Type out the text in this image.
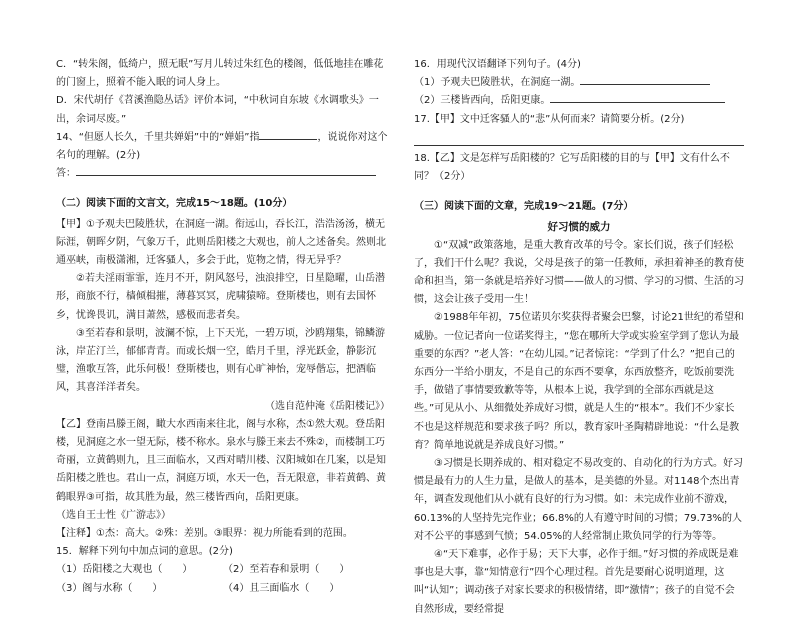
C．“转朱阁，低绮户，照无眠”写月儿转过朱红色的楼阁，低低地挂在雕花的门窗上，照着不能入眠的词人身上。

D．宋代胡仔《苕溪渔隐丛话》评价本词，“中秋词自东坡《水调歌头》一出，余词尽废。”

14、“但愿人长久，千里共婵娟”中的“婵娟”指	，说说你对这个名句的理解。(2分)

答：

（二）阅读下面的文言文，完成15～18题。(10分）

【甲】①予观夫巴陵胜状，在洞庭一湖。衔远山，吞长江，浩浩汤汤，横无际涯，朝晖夕阴，气象万千，此则岳阳楼之大观也，前人之述备矣。然则北通巫峡，南极潇湘，迁客骚人，多会于此，览物之情，得无异乎？

②若夫淫雨霏霏，连月不开，阴风怒号，浊浪排空，日星隐曜，山岳潜形，商旅不行，樯倾楫摧，薄暮冥冥，虎啸猿啼。登斯楼也，则有去国怀乡，忧谗畏讥，满目萧然，感极而悲者矣。

③至若春和景明，波澜不惊，上下天光，一碧万顷，沙鸥翔集，锦鳞游泳，岸芷汀兰，郁郁青青。而或长烟一空，皓月千里，浮光跃金，静影沉璧，渔歌互答，此乐何极！登斯楼也，则有心旷神怡，宠辱偕忘，把酒临风，其喜洋洋者矣。

（选自范仲淹《岳阳楼记》）

【乙】登南昌滕王阁，瞰大水西南来往北，阁与水称，杰①然大观。登岳阳楼，见洞庭之水一望无际，楼不称水。泉水与滕王来去不殊②，而楼制工巧奇丽，立黄鹤则九，且三面临水，又西对晴川楼、汉阳城如在几案，以是知岳阳楼之胜也。君山一点，洞庭万顷，水天一色，吾无限意，非若黄鹤、黄鹤眼界③可指，故其胜为最，然三楼皆西向，岳阳更康。

（选自王士性《广游志》）

【注释】①杰：高大。②殊：差别。③眼界：视力所能看到的范围。

15．解释下列句中加点词的意思。(2分)

（1）岳阳楼之大观也（　　）	（2）至若春和景明（　　）
（3）阁与水称（　　）	（4）且三面临水（　　）

16．用现代汉语翻译下列句子。(4分)

（1）予观夫巴陵胜状，在洞庭一湖。

（2）三楼皆西向，岳阳更康。

17.【甲】文中迁客骚人的“悲”从何而来？请简要分析。(2分)

18.【乙】文是怎样写岳阳楼的？它写岳阳楼的目的与【甲】文有什么不同？（2分）

（三）阅读下面的文章，完成19～21题。(7分）

好习惯的威力

①“双减”政策落地，是重大教育改革的号令。家长们说，孩子们轻松了，我们干什么呢？我说，父母是孩子的第一任教师，承担着神圣的教育使命和担当，第一条就是培养好习惯——做人的习惯、学习的习惯、生活的习惯，这会让孩子受用一生！

②1988年年初，75位诺贝尔奖获得者聚会巴黎，讨论21世纪的希望和威胁。一位记者向一位诺奖得主，“您在哪所大学或实验室学到了您认为最重要的东西？”老人答：“在幼儿园。”记者惊诧：“学到了什么？”把自己的东西分一半给小朋友，不是自己的东西不要拿，东西放整齐，吃饭前要洗手，做错了事情要致歉等等，从根本上说，我学到的全部东西就是这些。”可见从小、从细微处养成好习惯，就是人生的“根本”。我们不少家长不也是这样规范和要求孩子吗？所以，教育家叶圣陶精辟地说：“什么是教育？简单地说就是养成良好习惯。”

③习惯是长期养成的、相对稳定不易改变的、自动化的行为方式。好习惯是最有力的人生力量，是做人的基本，是美德的外显。对1148个杰出青年，调查发现他们从小就有良好的行为习惯。如：未完成作业前不游戏，60.13%的人坚持先完作业；66.8%的人有遵守时间的习惯；79.73%的人对不公平的事感到气愤；54.05%的人经常制止欺负同学的行为等等。

④“天下难事，必作于易；天下大事，必作于细。”好习惯的养成既是难事也是大事，靠“知情意行”四个心理过程。首先是要耐心说明道理，这叫“认知”；调动孩子对家长要求的积极情绪，即“激情”；孩子的自觉不会自然形成，要经常提
